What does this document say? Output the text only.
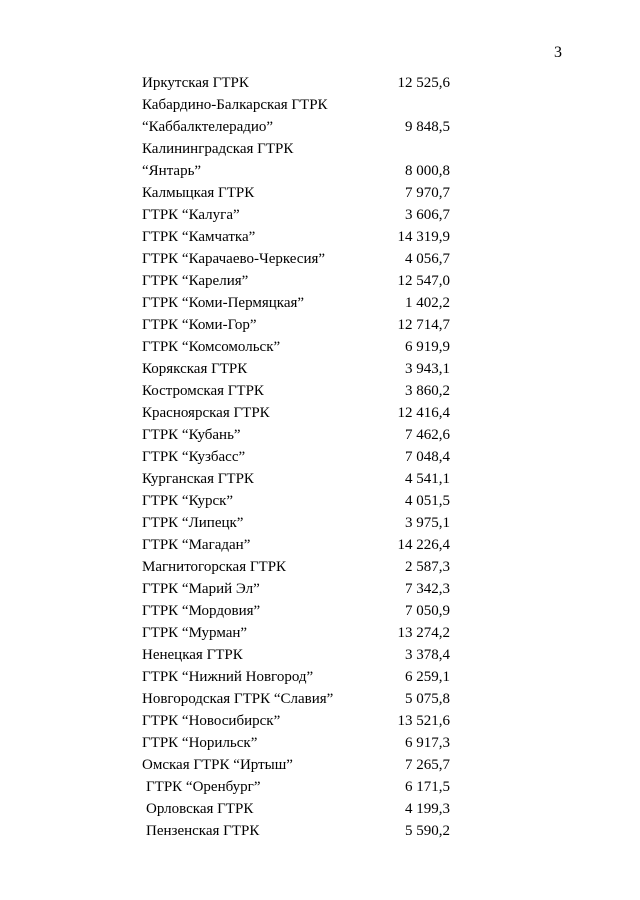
3
Иркутская ГТРК	12 525,6
Кабардино-Балкарская ГТРК
“Каббалктелерадио”	9 848,5
Калининградская ГТРК
“Янтарь”	8 000,8
Калмыцкая ГТРК	7 970,7
ГТРК “Калуга”	3 606,7
ГТРК “Камчатка”	14 319,9
ГТРК “Карачаево-Черкесия”	4 056,7
ГТРК “Карелия”	12 547,0
ГТРК “Коми-Пермяцкая”	1 402,2
ГТРК “Коми-Гор”	12 714,7
ГТРК “Комсомольск”	6 919,9
Корякская ГТРК	3 943,1
Костромская ГТРК	3 860,2
Красноярская ГТРК	12 416,4
ГТРК “Кубань”	7 462,6
ГТРК “Кузбасс”	7 048,4
Курганская ГТРК	4 541,1
ГТРК “Курск”	4 051,5
ГТРК “Липецк”	3 975,1
ГТРК “Магадан”	14 226,4
Магнитогорская ГТРК	2 587,3
ГТРК “Марий Эл”	7 342,3
ГТРК “Мордовия”	7 050,9
ГТРК “Мурман”	13 274,2
Ненецкая ГТРК	3 378,4
ГТРК “Нижний Новгород”	6 259,1
Новгородская ГТРК “Славия”	5 075,8
ГТРК “Новосибирск”	13 521,6
ГТРК “Норильск”	6 917,3
Омская ГТРК “Иртыш”	7 265,7
ГТРК “Оренбург”	6 171,5
Орловская ГТРК	4 199,3
Пензенская ГТРК	5 590,2
